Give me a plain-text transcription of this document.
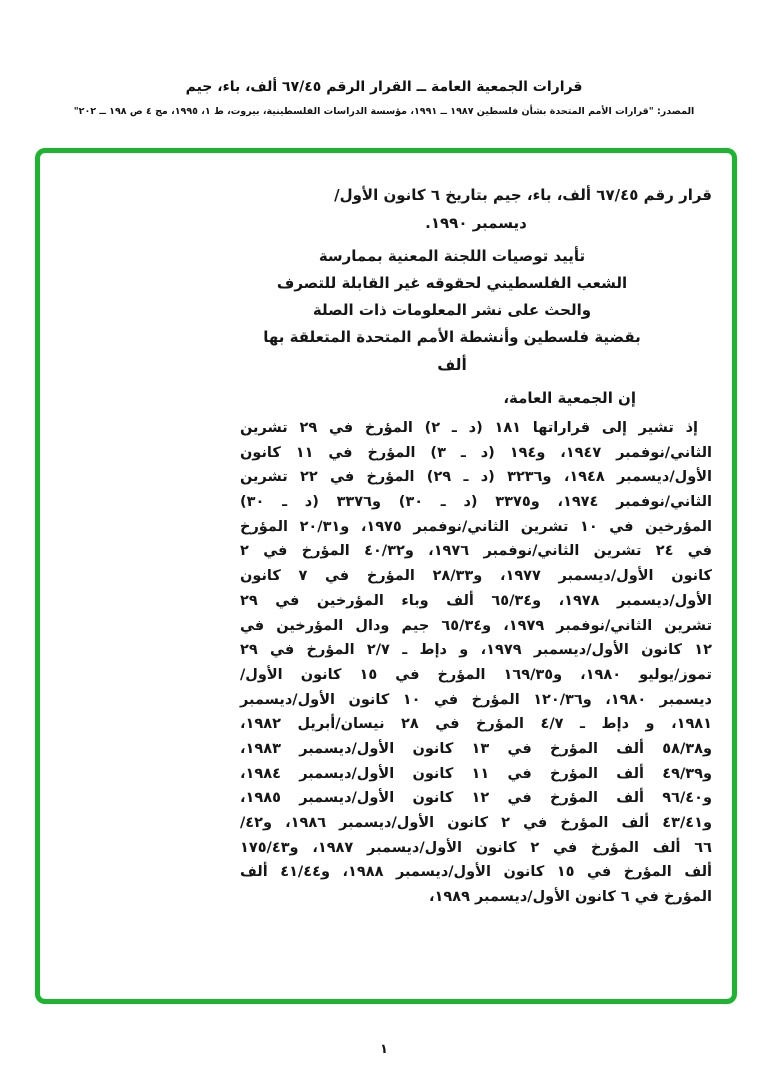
قرارات الجمعية العامة ــ القرار الرقم ٦٧/٤٥ ألف، باء، جيم
المصدر: "قرارات الأمم المتحدة بشأن فلسطين ١٩٨٧ ــ ١٩٩١، مؤسسة الدراسات الفلسطينية، بيروت، ط ١، ١٩٩٥، مج ٤ ص ١٩٨ ــ ٢٠٢"
قرار رقم ٦٧/٤٥ ألف، باء، جيم بتاريخ ٦ كانون الأول/
ديسمبر ١٩٩٠.
تأييد توصيات اللجنة المعنية بممارسة
الشعب الفلسطيني لحقوقه غير القابلة للتصرف
والحث على نشر المعلومات ذات الصلة
بقضية فلسطين وأنشطة الأمم المتحدة المتعلقة بها
ألف
إن الجمعية العامة،
إذ تشير إلى قراراتها ١٨١ (د ـ ٢) المؤرخ في ٢٩ تشرين
الثاني/نوفمبر ١٩٤٧، و١٩٤ (د ـ ٣) المؤرخ في ١١ كانون
الأول/ديسمبر ١٩٤٨، و٣٢٣٦ (د ـ ٢٩) المؤرخ في ٢٢ تشرين
الثاني/نوفمبر ١٩٧٤، و٣٣٧٥ (د ـ ٣٠) و٣٣٧٦ (د ـ ٣٠)
المؤرخين في ١٠ تشرين الثاني/نوفمبر ١٩٧٥، و٢٠/٣١ المؤرخ
في ٢٤ تشرين الثاني/نوفمبر ١٩٧٦، و٤٠/٣٢ المؤرخ في ٢
كانون الأول/ديسمبر ١٩٧٧، و٢٨/٣٣ المؤرخ في ٧ كانون
الأول/ديسمبر ١٩٧٨، و٦٥/٣٤ ألف وباء المؤرخين في ٢٩
تشرين الثاني/نوفمبر ١٩٧٩، و٦٥/٣٤ جيم ودال المؤرخين في
١٢ كانون الأول/ديسمبر ١٩٧٩، و دإط ـ ٢/٧ المؤرخ في ٢٩
تموز/يوليو ١٩٨٠، و١٦٩/٣٥ المؤرخ في ١٥ كانون الأول/
ديسمبر ١٩٨٠، و١٢٠/٣٦ المؤرخ في ١٠ كانون الأول/ديسمبر
١٩٨١، و دإط ـ ٤/٧ المؤرخ في ٢٨ نيسان/أبريل ١٩٨٢،
و٥٨/٣٨ ألف المؤرخ في ١٣ كانون الأول/ديسمبر ١٩٨٣،
و٤٩/٣٩ ألف المؤرخ في ١١ كانون الأول/ديسمبر ١٩٨٤،
و٩٦/٤٠ ألف المؤرخ في ١٢ كانون الأول/ديسمبر ١٩٨٥،
و٤٣/٤١ ألف المؤرخ في ٢ كانون الأول/ديسمبر ١٩٨٦، و٤٢/
٦٦ ألف المؤرخ في ٢ كانون الأول/ديسمبر ١٩٨٧، و١٧٥/٤٣
ألف المؤرخ في ١٥ كانون الأول/ديسمبر ١٩٨٨، و٤١/٤٤ ألف
المؤرخ في ٦ كانون الأول/ديسمبر ١٩٨٩،
١
